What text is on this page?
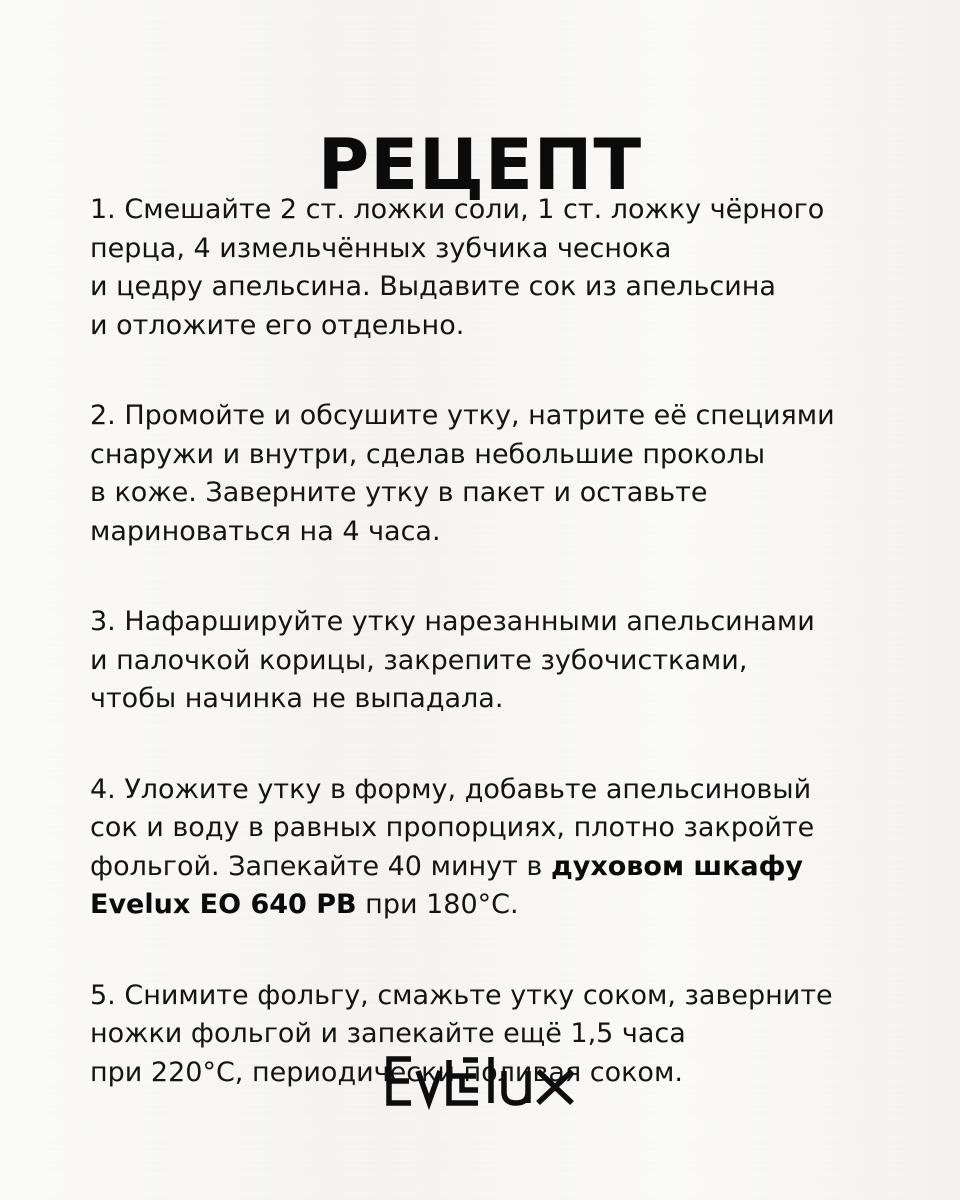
РЕЦЕПТ
1. Смешайте 2 ст. ложки соли, 1 ст. ложку чёрного
перца, 4 измельчённых зубчика чеснока
и цедру апельсина. Выдавите сок из апельсина
и отложите его отдельно.
2. Промойте и обсушите утку, натрите её специями
снаружи и внутри, сделав небольшие проколы
в коже. Заверните утку в пакет и оставьте
мариноваться на 4 часа.
3. Нафаршируйте утку нарезанными апельсинами
и палочкой корицы, закрепите зубочистками,
чтобы начинка не выпадала.
4. Уложите утку в форму, добавьте апельсиновый
сок и воду в равных пропорциях, плотно закройте
фольгой. Запекайте 40 минут в духовом шкафу
Evelux EO 640 PB при 180°С.
5. Снимите фольгу, смажьте утку соком, заверните
ножки фольгой и запекайте ещё 1,5 часа
при 220°С, периодически поливая соком.
